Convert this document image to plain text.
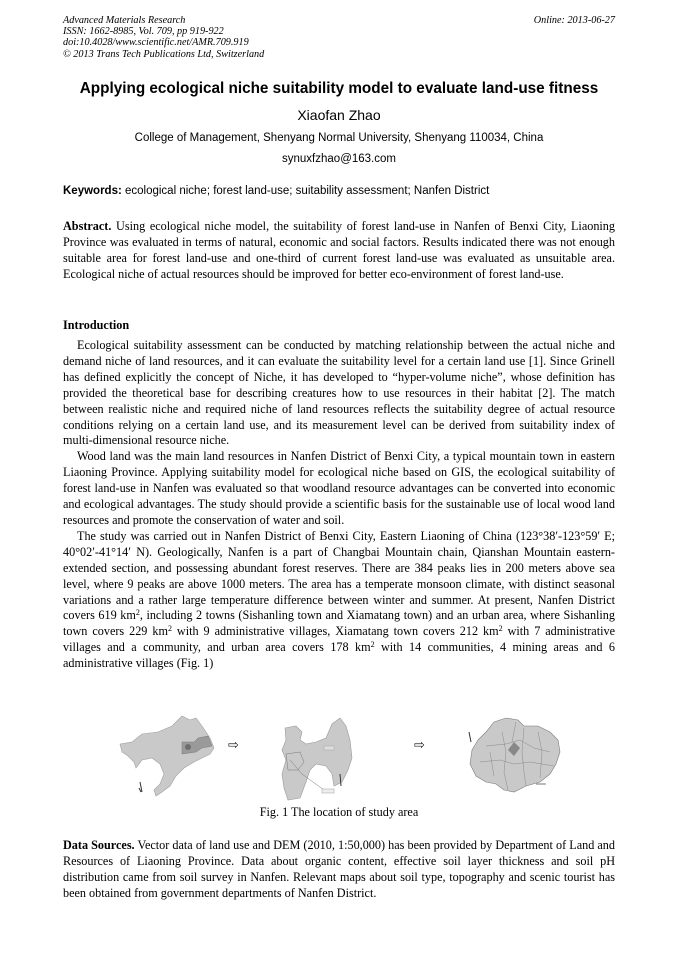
Advanced Materials Research
ISSN: 1662-8985, Vol. 709, pp 919-922
doi:10.4028/www.scientific.net/AMR.709.919
© 2013 Trans Tech Publications Ltd, Switzerland
Online: 2013-06-27
Applying ecological niche suitability model to evaluate land-use fitness
Xiaofan Zhao
College of Management, Shenyang Normal University, Shenyang 110034, China
synuxfzhao@163.com
Keywords: ecological niche; forest land-use; suitability assessment; Nanfen District
Abstract. Using ecological niche model, the suitability of forest land-use in Nanfen of Benxi City, Liaoning Province was evaluated in terms of natural, economic and social factors. Results indicated there was not enough suitable area for forest land-use and one-third of current forest land-use was evaluated as unsuitable area. Ecological niche of actual resources should be improved for better eco-environment of forest land-use.
Introduction

Ecological suitability assessment can be conducted by matching relationship between the actual niche and demand niche of land resources, and it can evaluate the suitability level for a certain land use [1]. Since Grinell has defined explicitly the concept of Niche, it has developed to “hyper-volume niche”, whose definition has provided the theoretical base for describing creatures how to use resources in their habitat [2]. The match between realistic niche and required niche of land resources reflects the suitability degree of actual resource conditions relying on a certain land use, and its measurement level can be derived from suitability index of multi-dimensional resource niche.

Wood land was the main land resources in Nanfen District of Benxi City, a typical mountain town in eastern Liaoning Province. Applying suitability model for ecological niche based on GIS, the ecological suitability of forest land-use in Nanfen was evaluated so that woodland resource advantages can be converted into economic and ecological advantages. The study should provide a scientific basis for the sustainable use of local wood land resources and promote the conservation of water and soil.

The study was carried out in Nanfen District of Benxi City, Eastern Liaoning of China (123°38′-123°59′ E; 40°02′-41°14′ N). Geologically, Nanfen is a part of Changbai Mountain chain, Qianshan Mountain eastern-extended section, and possessing abundant forest reserves. There are 384 peaks lies in 200 meters above sea level, where 9 peaks are above 1000 meters. The area has a temperate monsoon climate, with distinct seasonal variations and a rather large temperature difference between winter and summer. At present, Nanfen District covers 619 $km^2$, including 2 towns (Sishanling town and Xiamatang town) and an urban area, where Sishanling town covers 229 $km^2$ with 9 administrative villages, Xiamatang town covers 212 $km^2$ with 7 administrative villages and a community, and urban area covers 178 $km^2$ with 14 communities, 4 mining areas and 6 administrative villages (Fig. 1)

⇨	⇨
Fig. 1 The location of study area
Data Sources. Vector data of land use and DEM (2010, 1:50,000) has been provided by Department of Land and Resources of Liaoning Province. Data about organic content, effective soil layer thickness and soil pH distribution came from soil survey in Nanfen. Relevant maps about soil type, topography and scenic tourist has been obtained from government departments of Nanfen District.
